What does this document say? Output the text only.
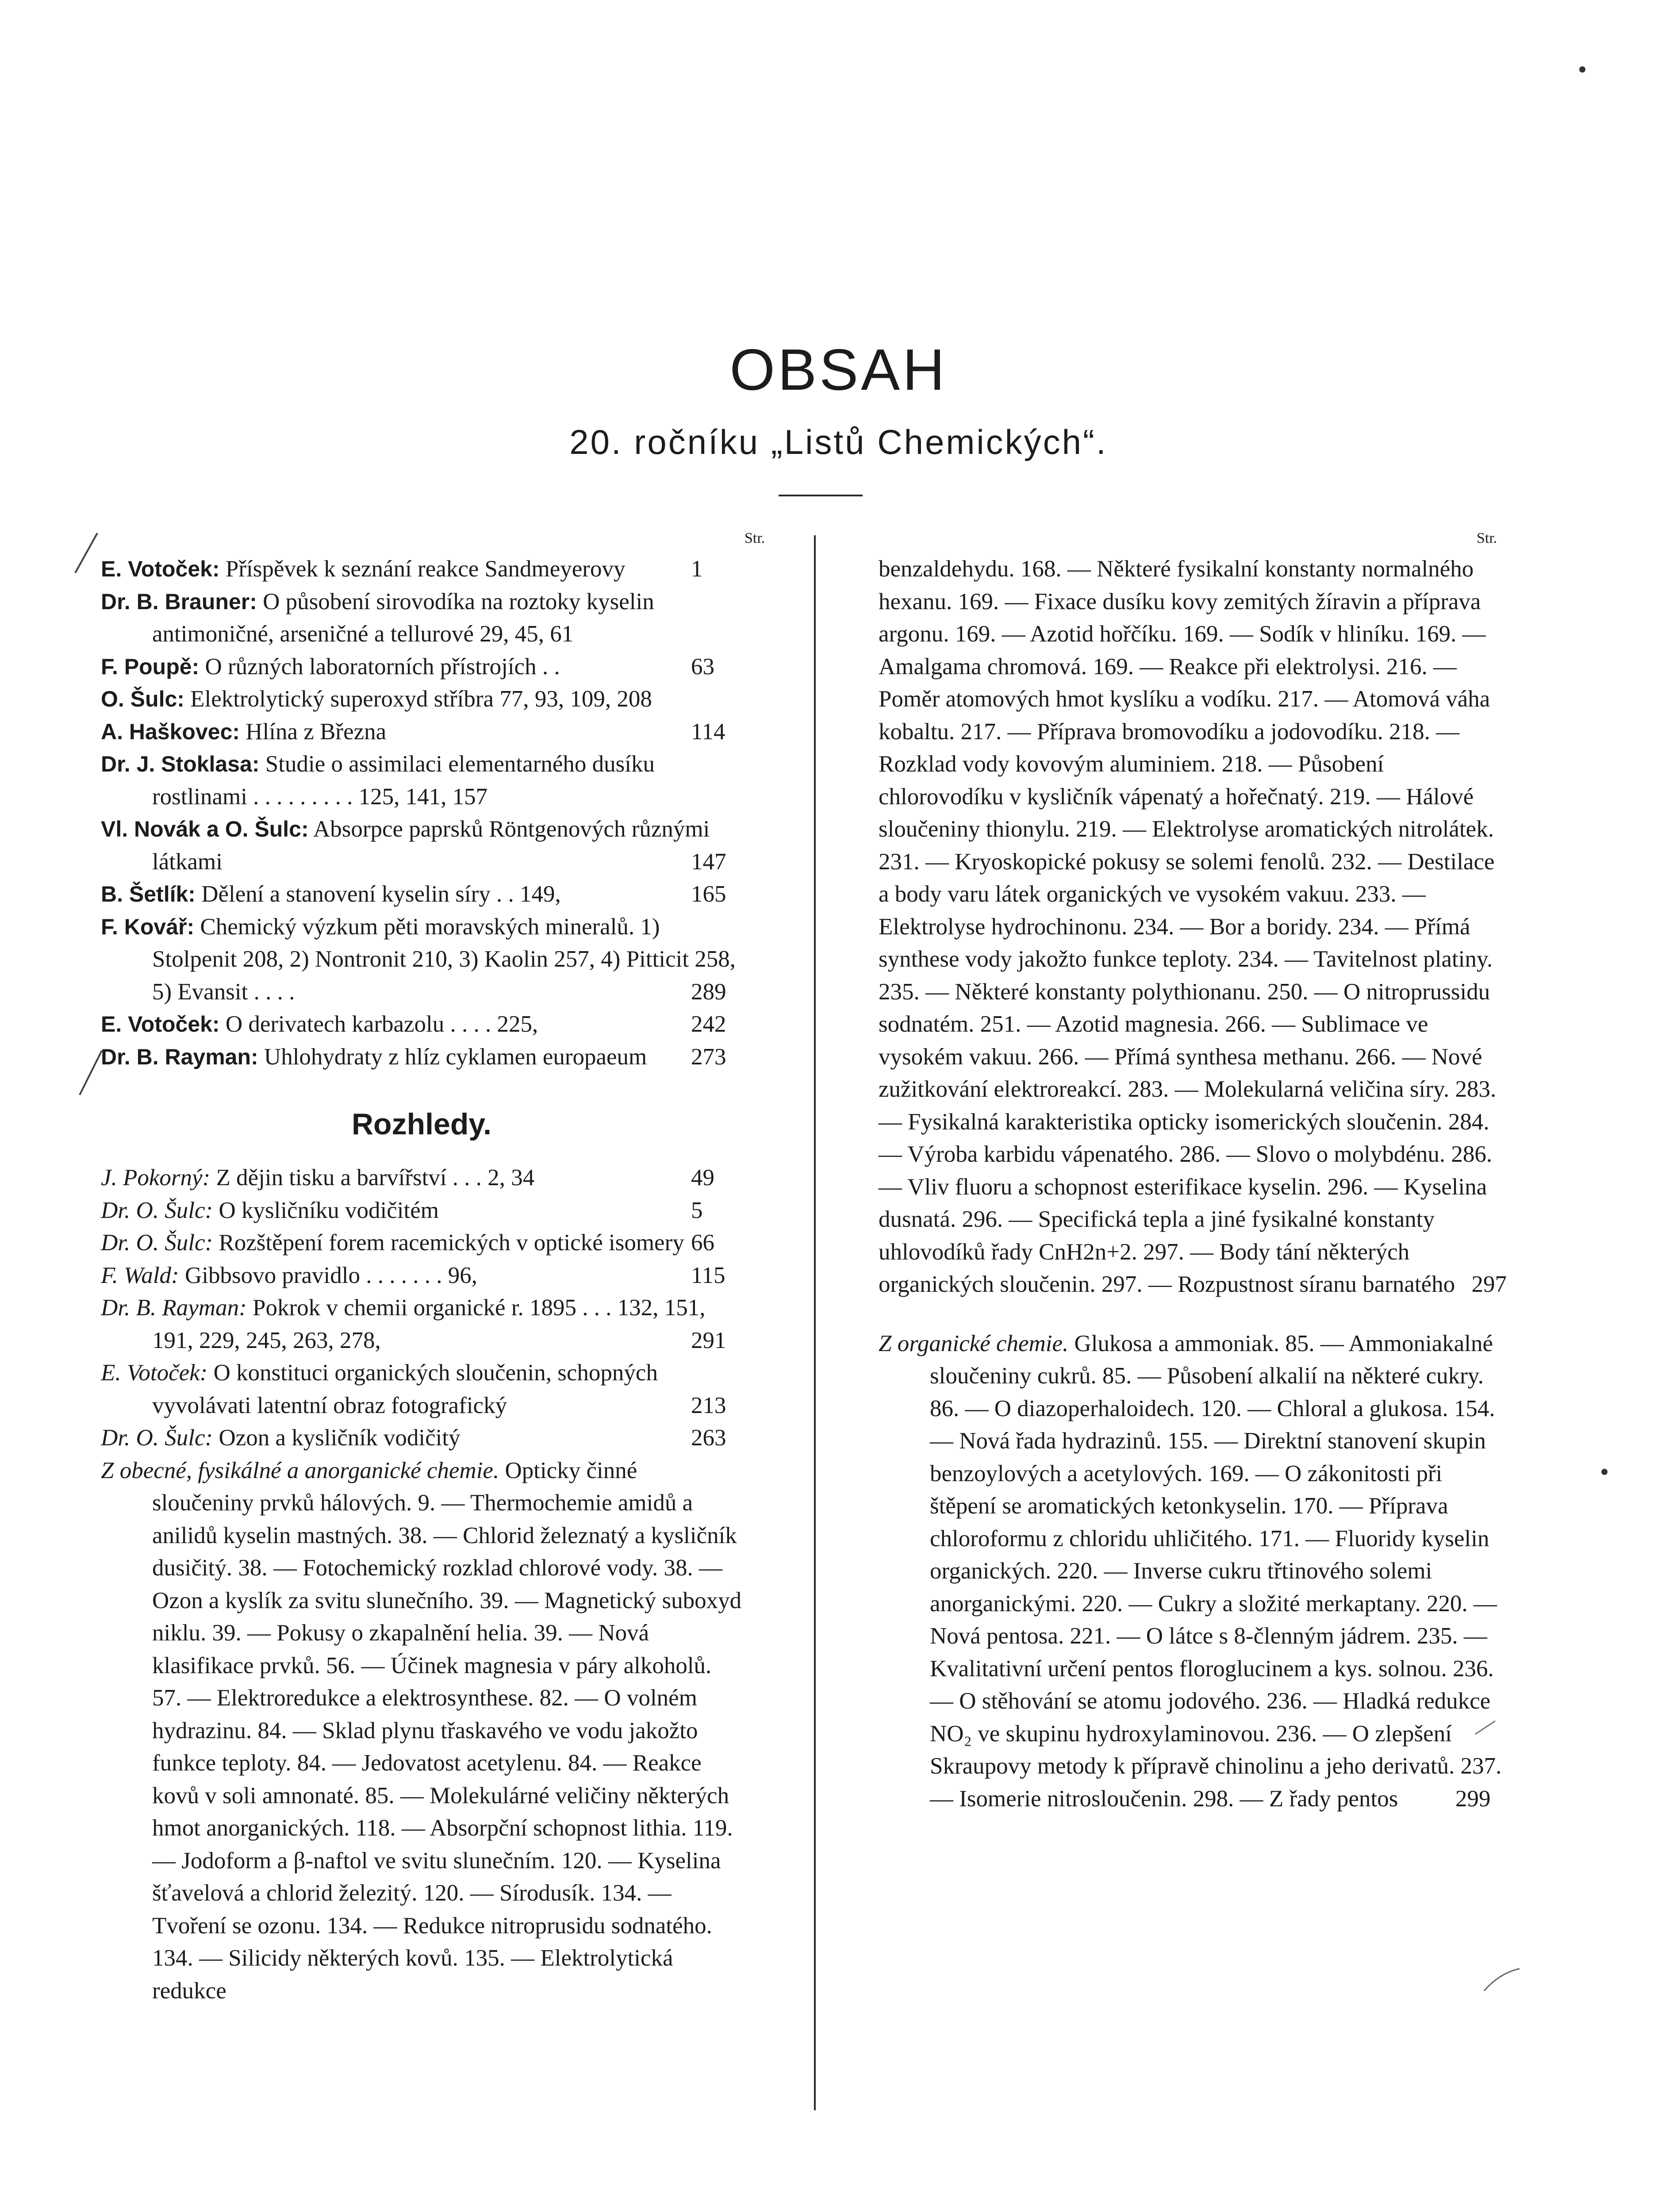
OBSAH
20. ročníku „Listů Chemických“.
Str.	Str.
E. Votoček: Příspěvek k seznání reakce Sandmeyerovy	1
Dr. B. Brauner: O působení sirovodíka na roztoky kyselin antimoničné, arseničné a tellurové 29, 45, 61
F. Poupě: O různých laboratorních přístrojích . .	63
O. Šulc: Elektrolytický superoxyd stříbra 77, 93, 109, 208
A. Haškovec: Hlína z Března	114
Dr. J. Stoklasa: Studie o assimilaci elementarného dusíku rostlinami . . . . . . . . . 125, 141, 157
Vl. Novák a O. Šulc: Absorpce paprsků Röntgenových různými látkami	147
B. Šetlík: Dělení a stanovení kyselin síry . . 149,	165
F. Kovář: Chemický výzkum pěti moravských mineralů. 1) Stolpenit 208, 2) Nontronit 210, 3) Kaolin 257, 4) Pitticit 258, 5) Evansit . . . .	289
E. Votoček: O derivatech karbazolu . . . . 225,	242
Dr. B. Rayman: Uhlohydraty z hlíz cyklamen europaeum 273
Rozhledy.
J. Pokorný: Z dějin tisku a barvířství . . . 2, 34	49
Dr. O. Šulc: O kysličníku vodičitém	5
Dr. O. Šulc: Rozštěpení forem racemických v optické isomery 66
F. Wald: Gibbsovo pravidlo . . . . . . . 96,	115
Dr. B. Rayman: Pokrok v chemii organické r. 1895 . . . 132, 151, 191, 229, 245, 263, 278,	291
E. Votoček: O konstituci organických sloučenin, schopných vyvolávati latentní obraz fotografický	213
Dr. O. Šulc: Ozon a kysličník vodičitý	263
Z obecné, fysikálné a anorganické chemie. Opticky činné sloučeniny prvků hálových. 9. — Thermochemie amidů a anilidů kyselin mastných. 38. — Chlorid železnatý a kysličník dusičitý. 38. — Fotochemický rozklad chlorové vody. 38. — Ozon a kyslík za svitu slunečního. 39. — Magnetický suboxyd niklu. 39. — Pokusy o zkapalnění helia. 39. — Nová klasifikace prvků. 56. — Účinek magnesia v páry alkoholů. 57. — Elektroredukce a elektrosynthese. 82. — O volném hydrazinu. 84. — Sklad plynu třaskavého ve vodu jakožto funkce teploty. 84. — Jedovatost acetylenu. 84. — Reakce kovů v soli amnonaté. 85. — Molekulárné veličiny některých hmot anorganických. 118. — Absorpční schopnost lithia. 119. — Jodoform a β-naftol ve svitu slunečním. 120. — Kyselina šťavelová a chlorid železitý. 120. — Sírodusík. 134. — Tvoření se ozonu. 134. — Redukce nitroprusidu sodnatého. 134. — Silicidy některých kovů. 135. — Elektrolytická redukce
benzaldehydu. 168. — Některé fysikalní konstanty normalného hexanu. 169. — Fixace dusíku kovy zemitých žíravin a příprava argonu. 169. — Azotid hořčíku. 169. — Sodík v hliníku. 169. — Amalgama chromová. 169. — Reakce při elektrolysi. 216. — Poměr atomových hmot kyslíku a vodíku. 217. — Atomová váha kobaltu. 217. — Příprava bromovodíku a jodovodíku. 218. — Rozklad vody kovovým aluminiem. 218. — Působení chlorovodíku v kysličník vápenatý a hořečnatý. 219. — Hálové sloučeniny thionylu. 219. — Elektrolyse aromatických nitrolátek. 231. — Kryoskopické pokusy se solemi fenolů. 232. — Destilace a body varu látek organických ve vysokém vakuu. 233. — Elektrolyse hydrochinonu. 234. — Bor a boridy. 234. — Přímá synthese vody jakožto funkce teploty. 234. — Tavitelnost platiny. 235. — Některé konstanty polythionanu. 250. — O nitroprussidu sodnatém. 251. — Azotid magnesia. 266. — Sublimace ve vysokém vakuu. 266. — Přímá synthesa methanu. 266. — Nové zužitkování elektroreakcí. 283. — Molekularná veličina síry. 283. — Fysikalná karakteristika opticky isomerických sloučenin. 284. — Výroba karbidu vápenatého. 286. — Slovo o molybdénu. 286. — Vliv fluoru a schopnost esterifikace kyselin. 296. — Kyselina dusnatá. 296. — Specifická tepla a jiné fysikalné konstanty uhlovodíků řady CnH2n+2. 297. — Body tání některých organických sloučenin. 297. — Rozpustnost síranu barnatého 297
Z organické chemie. Glukosa a ammoniak. 85. — Ammoniakalné sloučeniny cukrů. 85. — Působení alkalií na některé cukry. 86. — O diazoperhaloidech. 120. — Chloral a glukosa. 154. — Nová řada hydrazinů. 155. — Direktní stanovení skupin benzoylových a acetylových. 169. — O zákonitosti při štěpení se aromatických ketonkyselin. 170. — Příprava chloroformu z chloridu uhličitého. 171. — Fluoridy kyselin organických. 220. — Inverse cukru třtinového solemi anorganickými. 220. — Cukry a složité merkaptany. 220. — Nová pentosa. 221. — O látce s 8-členným jádrem. 235. — Kvalitativní určení pentos floroglucinem a kys. solnou. 236. — O stěhování se atomu jodového. 236. — Hladká redukce NO₂ ve skupinu hydroxylaminovou. 236. — O zlepšení Skraupovy metody k přípravě chinolinu a jeho derivatů. 237. — Isomerie nitrosloučenin. 298. — Z řady pentos 299
